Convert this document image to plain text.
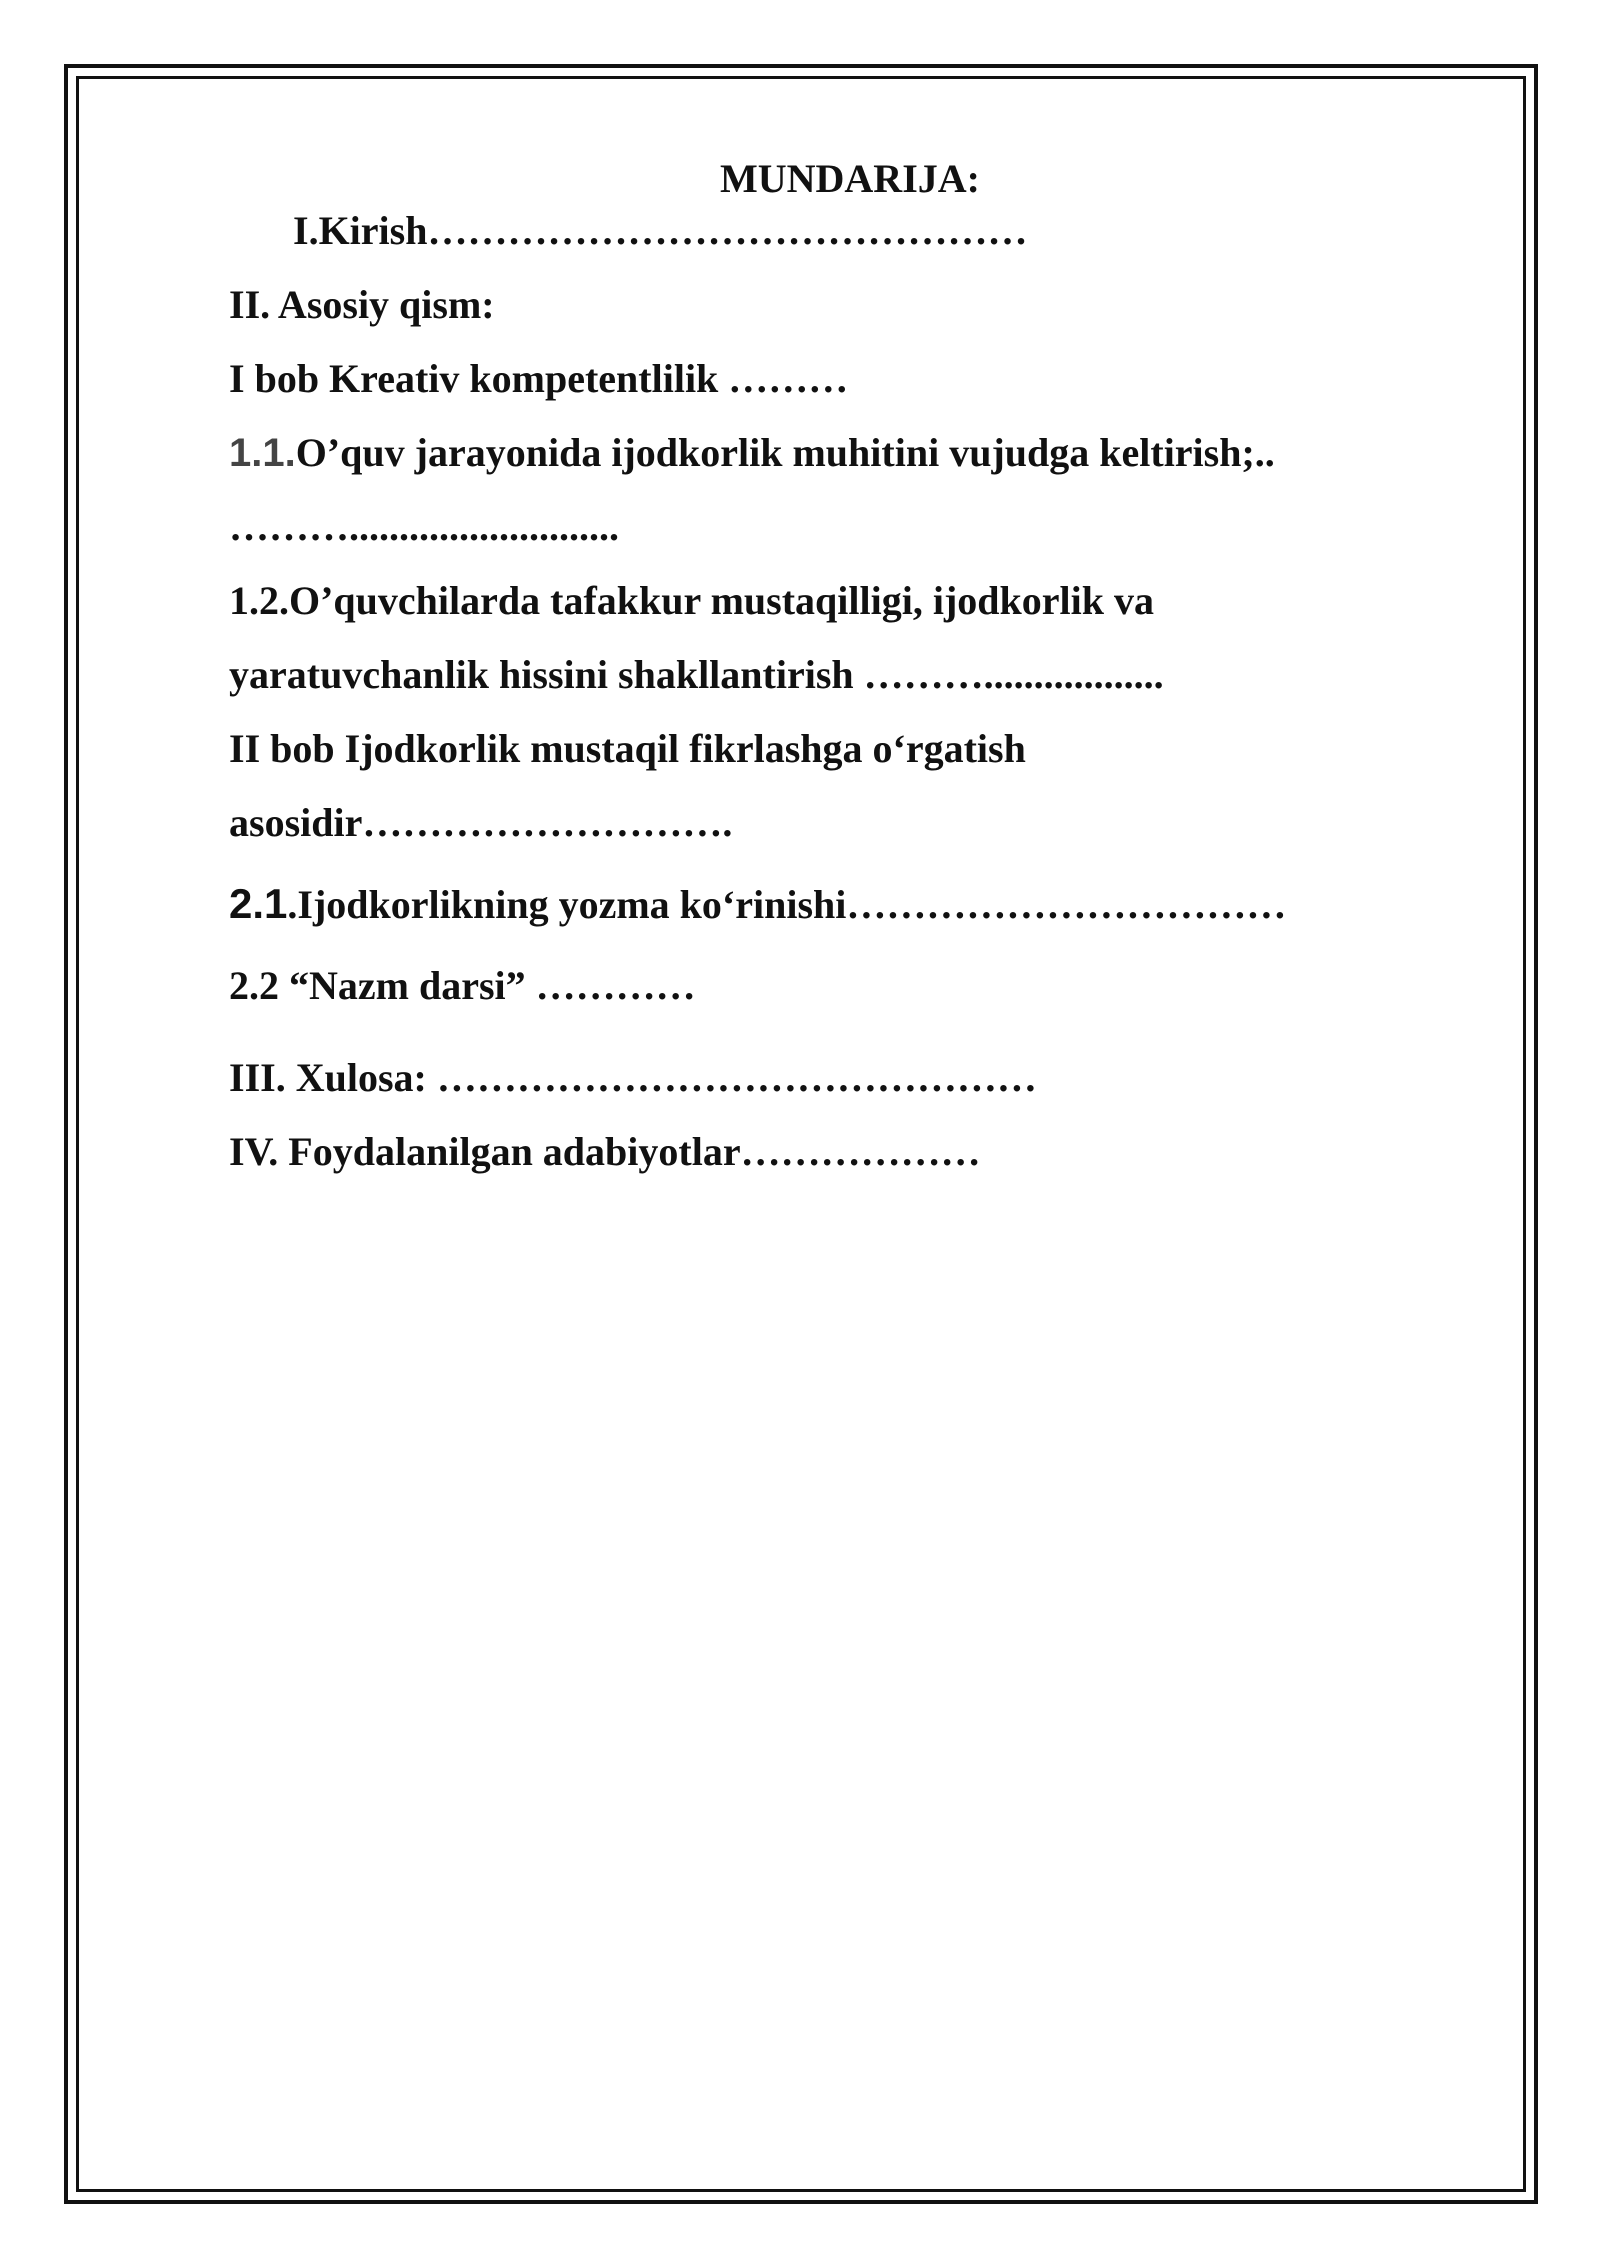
MUNDARIJA:
I.Kirish………………………………………
II. Asosiy qism:
I bob Kreativ kompetentlilik ………
1.1.O’quv jarayonida ijodkorlik muhitini vujudga keltirish;..
………...........................
1.2.O’quvchilarda tafakkur mustaqilligi, ijodkorlik va
yaratuvchanlik hissini shakllantirish ………..................
II bob Ijodkorlik mustaqil fikrlashga o‘rgatish
asosidir……………………….
2.1.Ijodkorlikning yozma ko‘rinishi……………………………
2.2 “Nazm darsi” …………
III. Xulosa: ………………………………………
IV. Foydalanilgan adabiyotlar………………
